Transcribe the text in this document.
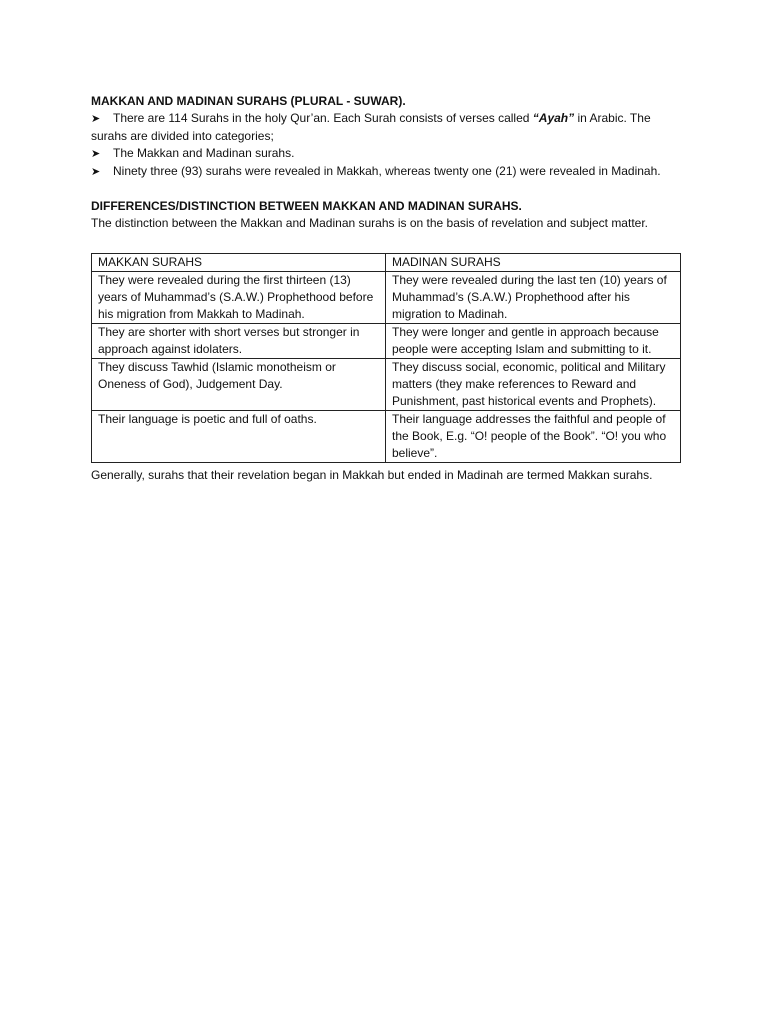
MAKKAN AND MADINAN SURAHS (PLURAL - SUWAR).

➤ There are 114 Surahs in the holy Qur’an. Each Surah consists of verses called “Ayah” in Arabic. The surahs are divided into categories;

➤ The Makkan and Madinan surahs.

➤ Ninety three (93) surahs were revealed in Makkah, whereas twenty one (21) were revealed in Madinah.

DIFFERENCES/DISTINCTION BETWEEN MAKKAN AND MADINAN SURAHS.

The distinction between the Makkan and Madinan surahs is on the basis of revelation and subject matter.

MAKKAN SURAHS	MADINAN SURAHS
They were revealed during the first thirteen (13) years of Muhammad’s (S.A.W.) Prophethood before his migration from Makkah to Madinah.	They were revealed during the last ten (10) years of Muhammad’s (S.A.W.) Prophethood after his migration to Madinah.
They are shorter with short verses but stronger in approach against idolaters.	They were longer and gentle in approach because people were accepting Islam and submitting to it.
They discuss Tawhid (Islamic monotheism or Oneness of God), Judgement Day.	They discuss social, economic, political and Military matters (they make references to Reward and Punishment, past historical events and Prophets).
Their language is poetic and full of oaths.	Their language addresses the faithful and people of the Book, E.g. “O! people of the Book”. “O! you who believe”.

Generally, surahs that their revelation began in Makkah but ended in Madinah are termed Makkan surahs.
